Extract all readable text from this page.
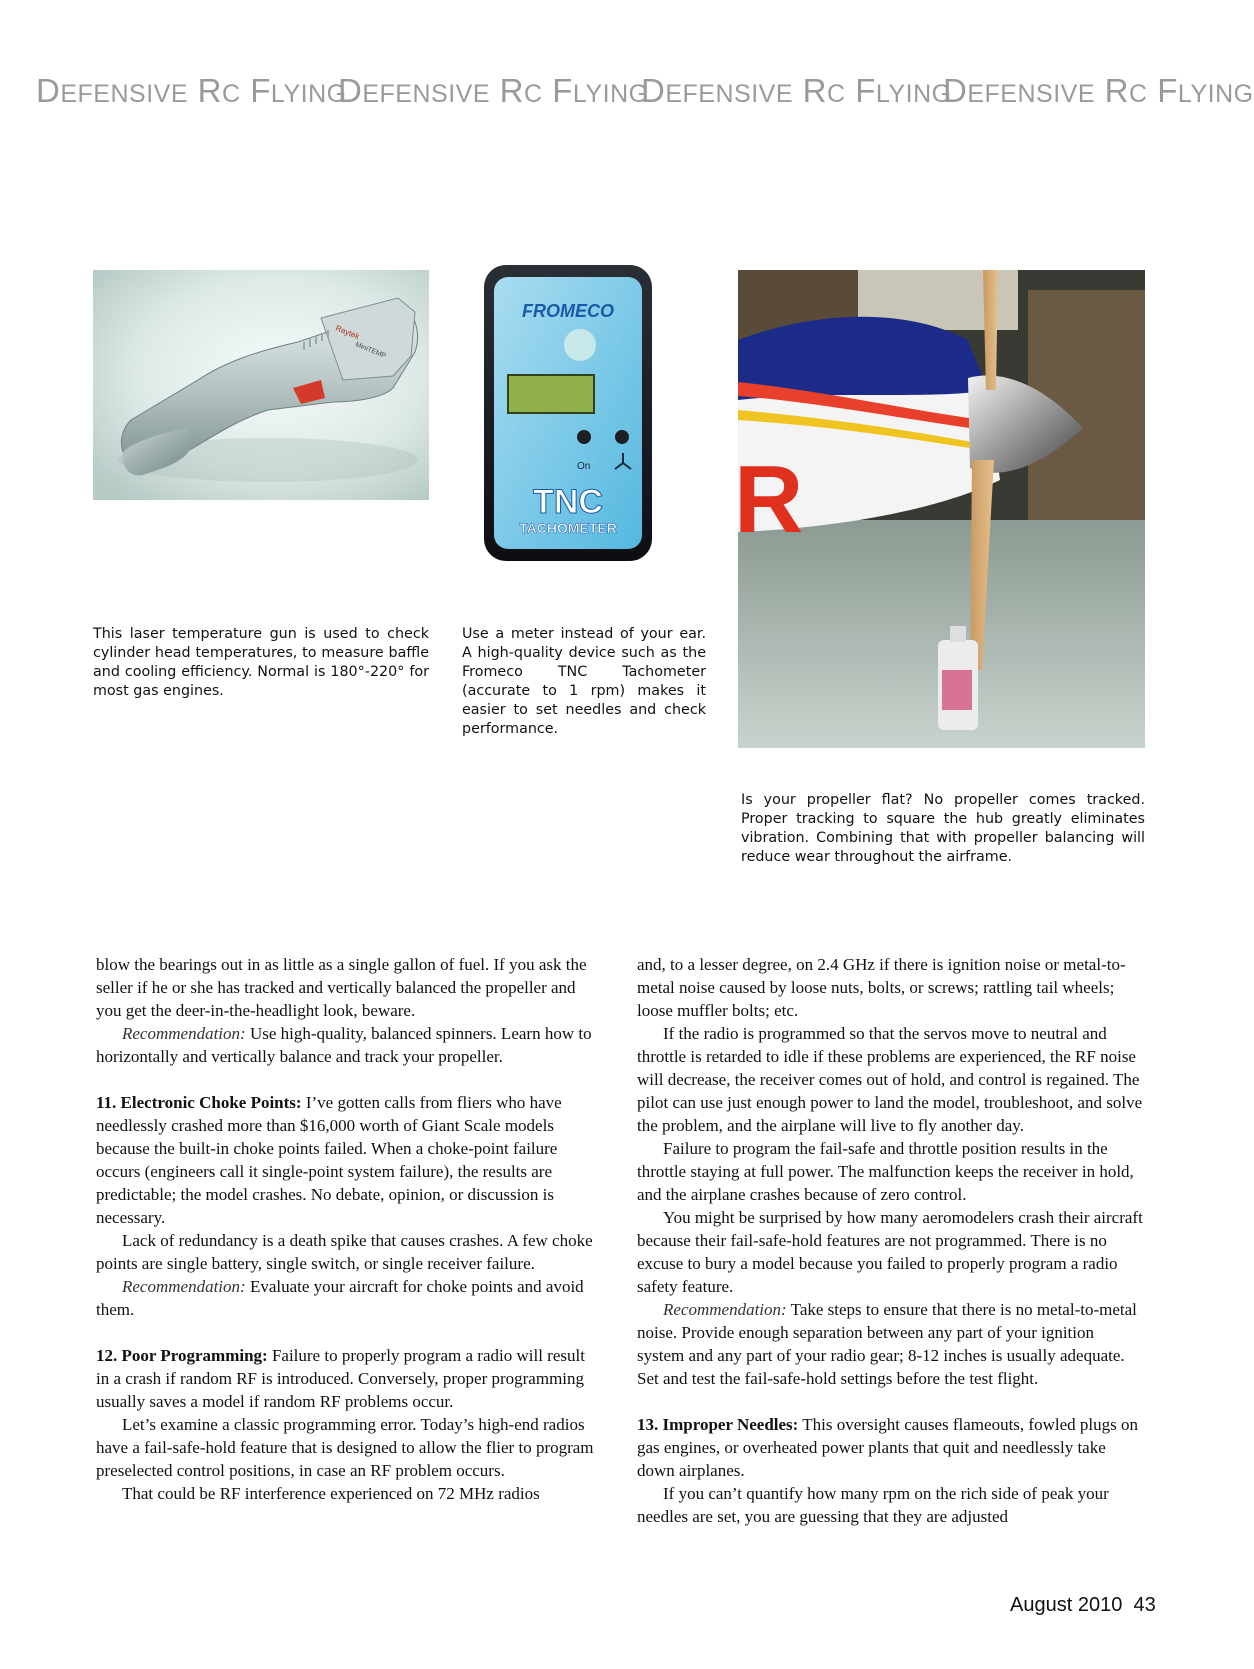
DEFENSIVE RC FLYING
DEFENSIVE RC FLYING
DEFENSIVE RC FLYING
DEFENSIVE RC FLYING
Raytek
MiniTEMP
FROMECO
On
TNC
TACHOMETER R
This laser temperature gun is used to check cylinder head temperatures, to measure baffle and cooling efficiency. Normal is 180°-220° for most gas engines.
Use a meter instead of your ear. A high-quality device such as the Fromeco TNC Tachometer (accurate to 1 rpm) makes it easier to set needles and check performance.
Is your propeller flat? No propeller comes tracked. Proper tracking to square the hub greatly eliminates vibration. Combining that with propeller balancing will reduce wear throughout the airframe.

blow the bearings out in as little as a single gallon of fuel. If you ask the seller if he or she has tracked and vertically balanced the propeller and you get the deer-in-the-headlight look, beware.

Recommendation: Use high-quality, balanced spinners. Learn how to horizontally and vertically balance and track your propeller.

11. Electronic Choke Points: I’ve gotten calls from fliers who have needlessly crashed more than $16,000 worth of Giant Scale models because the built-in choke points failed. When a choke-point failure occurs (engineers call it single-point system failure), the results are predictable; the model crashes. No debate, opinion, or discussion is necessary.

Lack of redundancy is a death spike that causes crashes. A few choke points are single battery, single switch, or single receiver failure.

Recommendation: Evaluate your aircraft for choke points and avoid them.

12. Poor Programming: Failure to properly program a radio will result in a crash if random RF is introduced. Conversely, proper programming usually saves a model if random RF problems occur.

Let’s examine a classic programming error. Today’s high-end radios have a fail-safe-hold feature that is designed to allow the flier to program preselected control positions, in case an RF problem occurs.

That could be RF interference experienced on 72 MHz radios

and, to a lesser degree, on 2.4 GHz if there is ignition noise or metal-to-metal noise caused by loose nuts, bolts, or screws; rattling tail wheels; loose muffler bolts; etc.

If the radio is programmed so that the servos move to neutral and throttle is retarded to idle if these problems are experienced, the RF noise will decrease, the receiver comes out of hold, and control is regained. The pilot can use just enough power to land the model, troubleshoot, and solve the problem, and the airplane will live to fly another day.

Failure to program the fail-safe and throttle position results in the throttle staying at full power. The malfunction keeps the receiver in hold, and the airplane crashes because of zero control.

You might be surprised by how many aeromodelers crash their aircraft because their fail-safe-hold features are not programmed. There is no excuse to bury a model because you failed to properly program a radio safety feature.

Recommendation: Take steps to ensure that there is no metal-to-metal noise. Provide enough separation between any part of your ignition system and any part of your radio gear; 8-12 inches is usually adequate. Set and test the fail-safe-hold settings before the test flight.

13. Improper Needles: This oversight causes flameouts, fowled plugs on gas engines, or overheated power plants that quit and needlessly take down airplanes.

If you can’t quantify how many rpm on the rich side of peak your needles are set, you are guessing that they are adjusted

August 2010 43
